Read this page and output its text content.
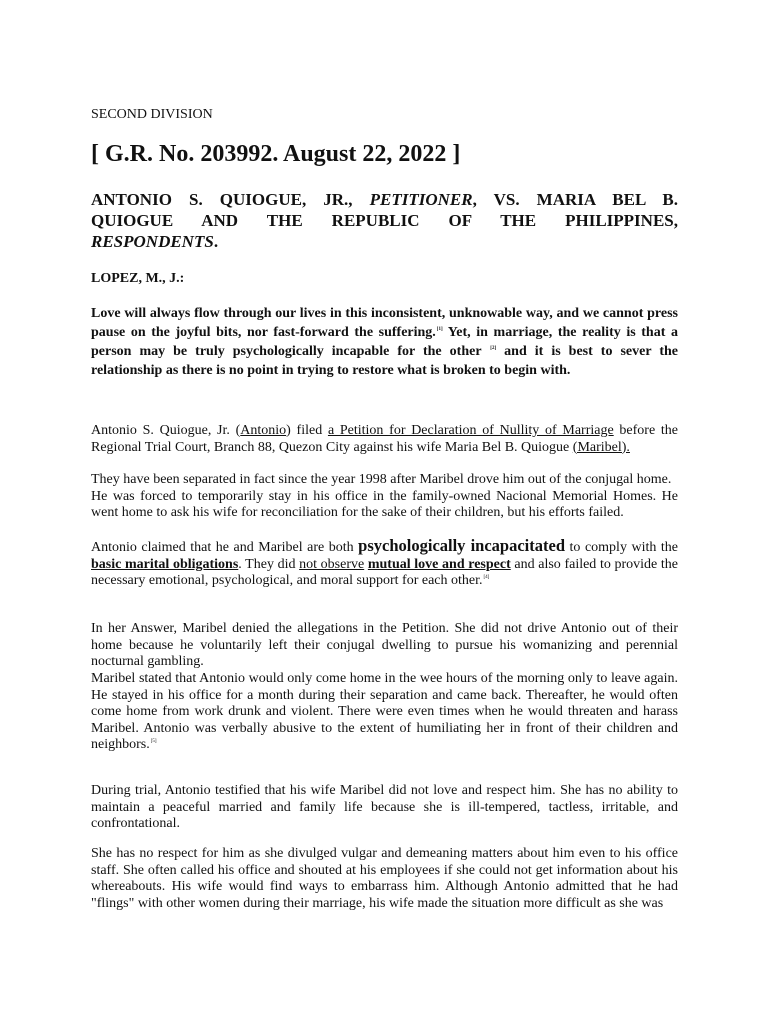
SECOND DIVISION

[ G.R. No. 203992. August 22, 2022 ]

ANTONIO S. QUIOGUE, JR., PETITIONER, VS. MARIA BEL B.
QUIOGUE AND THE REPUBLIC OF THE PHILIPPINES,
RESPONDENTS.

LOPEZ, M., J.:

Love will always flow through our lives in this inconsistent, unknowable way, and we cannot press pause on the joyful bits, nor fast-forward the suffering.[1] Yet, in marriage, the reality is that a person may be truly psychologically incapable for the other [2] and it is best to sever the relationship as there is no point in trying to restore what is broken to begin with.

Antonio S. Quiogue, Jr. (Antonio) filed a Petition for Declaration of Nullity of Marriage before the Regional Trial Court, Branch 88, Quezon City against his wife Maria Bel B. Quiogue (Maribel).

They have been separated in fact since the year 1998 after Maribel drove him out of the conjugal home.
He was forced to temporarily stay in his office in the family-owned Nacional Memorial Homes. He went home to ask his wife for reconciliation for the sake of their children, but his efforts failed.

Antonio claimed that he and Maribel are both psychologically incapacitated to comply with the basic marital obligations. They did not observe mutual love and respect and also failed to provide the necessary emotional, psychological, and moral support for each other.[4]

In her Answer, Maribel denied the allegations in the Petition. She did not drive Antonio out of their home because he voluntarily left their conjugal dwelling to pursue his womanizing and perennial nocturnal gambling.

Maribel stated that Antonio would only come home in the wee hours of the morning only to leave again. He stayed in his office for a month during their separation and came back. Thereafter, he would often come home from work drunk and violent. There were even times when he would threaten and harass Maribel. Antonio was verbally abusive to the extent of humiliating her in front of their children and neighbors.[5]

During trial, Antonio testified that his wife Maribel did not love and respect him. She has no ability to maintain a peaceful married and family life because she is ill-tempered, tactless, irritable, and confrontational.

She has no respect for him as she divulged vulgar and demeaning matters about him even to his office staff. She often called his office and shouted at his employees if she could not get information about his whereabouts. His wife would find ways to embarrass him. Although Antonio admitted that he had "flings" with other women during their marriage, his wife made the situation more difficult as she was
